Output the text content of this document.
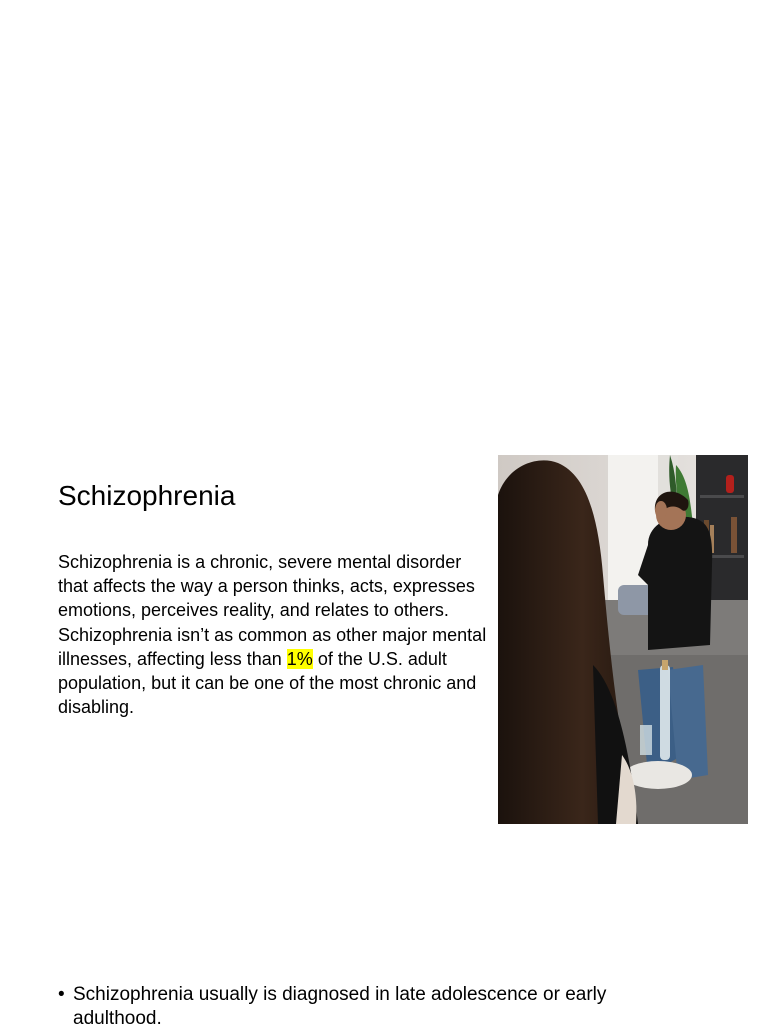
Schizophrenia
Schizophrenia is a chronic, severe mental disorder that affects the way a person thinks, acts, expresses emotions, perceives reality, and relates to others. Schizophrenia isn’t as common as other major mental illnesses, affecting less than 1% of the U.S. adult population, but it can be one of the most chronic and disabling.
• Schizophrenia usually is diagnosed in late adolescence or early adulthood.
